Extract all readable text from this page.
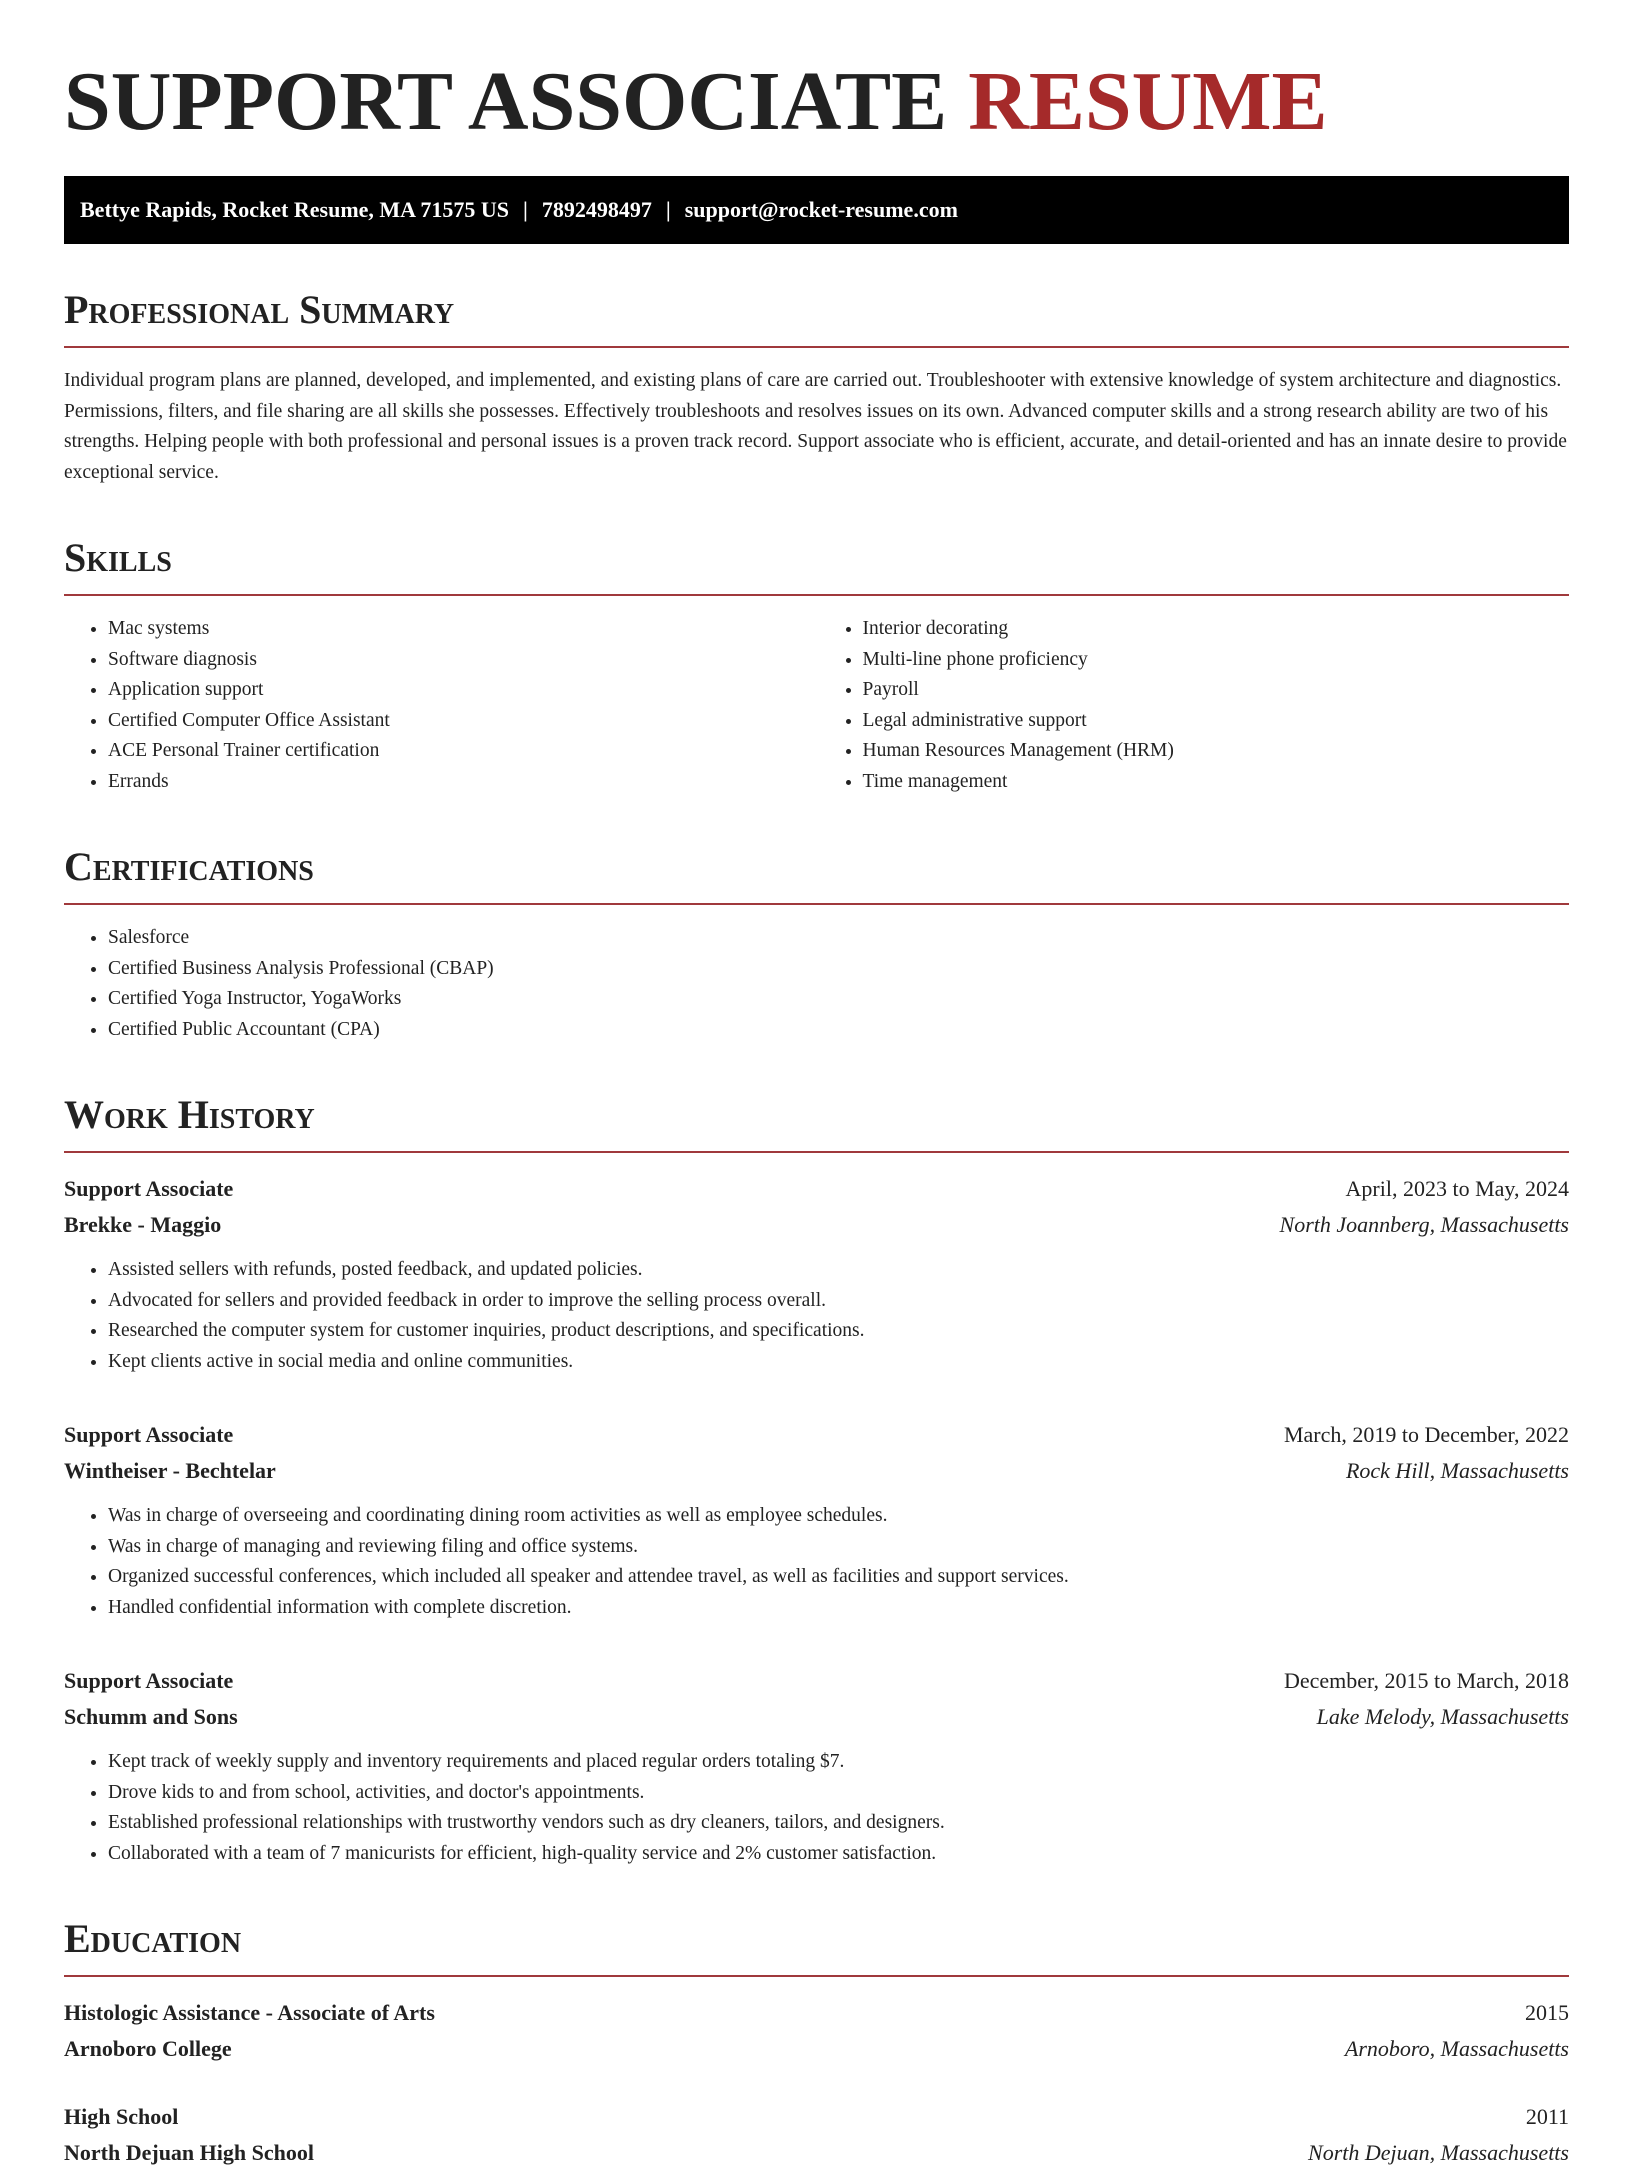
SUPPORT ASSOCIATE RESUME
Bettye Rapids, Rocket Resume, MA 71575 US | 7892498497 | support@rocket-resume.com
Professional Summary

Individual program plans are planned, developed, and implemented, and existing plans of care are carried out. Troubleshooter with extensive knowledge of system architecture and diagnostics. Permissions, filters, and file sharing are all skills she possesses. Effectively troubleshoots and resolves issues on its own. Advanced computer skills and a strong research ability are two of his strengths. Helping people with both professional and personal issues is a proven track record. Support associate who is efficient, accurate, and detail-oriented and has an innate desire to provide exceptional service.

Skills
• Mac systems
• Software diagnosis
• Application support
• Certified Computer Office Assistant
• ACE Personal Trainer certification
• Errands
• Interior decorating
• Multi-line phone proficiency
• Payroll
• Legal administrative support
• Human Resources Management (HRM)
• Time management
Certifications
• Salesforce
• Certified Business Analysis Professional (CBAP)
• Certified Yoga Instructor, YogaWorks
• Certified Public Accountant (CPA)
Work History
Support Associate	April, 2023 to May, 2024
Brekke - Maggio	North Joannberg, Massachusetts
• Assisted sellers with refunds, posted feedback, and updated policies.
• Advocated for sellers and provided feedback in order to improve the selling process overall.
• Researched the computer system for customer inquiries, product descriptions, and specifications.
• Kept clients active in social media and online communities.
Support Associate	March, 2019 to December, 2022
Wintheiser - Bechtelar	Rock Hill, Massachusetts
• Was in charge of overseeing and coordinating dining room activities as well as employee schedules.
• Was in charge of managing and reviewing filing and office systems.
• Organized successful conferences, which included all speaker and attendee travel, as well as facilities and support services.
• Handled confidential information with complete discretion.
Support Associate	December, 2015 to March, 2018
Schumm and Sons	Lake Melody, Massachusetts
• Kept track of weekly supply and inventory requirements and placed regular orders totaling $7.
• Drove kids to and from school, activities, and doctor's appointments.
• Established professional relationships with trustworthy vendors such as dry cleaners, tailors, and designers.
• Collaborated with a team of 7 manicurists for efficient, high-quality service and 2% customer satisfaction.
Education
Histologic Assistance - Associate of Arts	2015
Arnoboro College	Arnoboro, Massachusetts
High School	2011
North Dejuan High School	North Dejuan, Massachusetts
